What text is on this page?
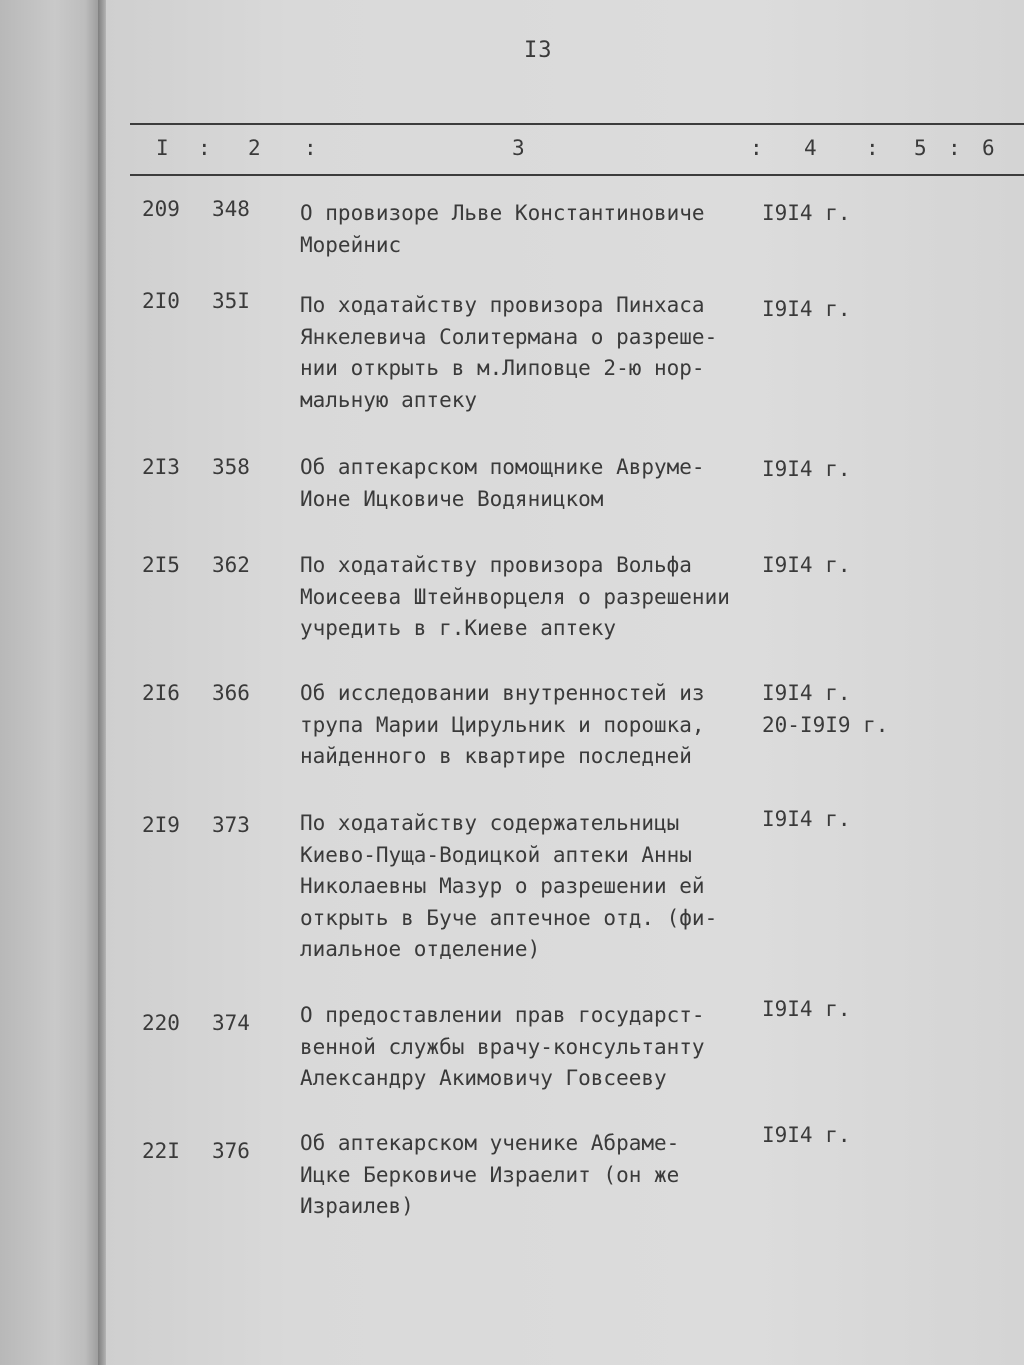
I3
I : 2 :	3	: 4 : 5 : 6
209 348 О провизоре Льве Константиновиче
Морейнис
I9I4 г.
2I0 35I По ходатайству провизора Пинхаса
Янкелевича Солитермана о разреше-
нии открыть в м.Липовце 2-ю нор-
мальную аптеку
I9I4 г.
2I3 358 Об аптекарском помощнике Авруме-
Ионе Ицковиче Водяницком
I9I4 г.
2I5 362 По ходатайству провизора Вольфа
Моисеева Штейнворцеля о разрешении
учредить в г.Киеве аптеку
I9I4 г.
2I6 366 Об исследовании внутренностей из
трупа Марии Цирульник и порошка,
найденного в квартире последней
I9I4 г.
20-I9I9 г.
2I9 373 По ходатайству содержательницы
Киево-Пуща-Водицкой аптеки Анны
Николаевны Мазур о разрешении ей
открыть в Буче аптечное отд. (фи-
лиальное отделение)
I9I4 г.
220 374 О предоставлении прав государст-
венной службы врачу-консультанту
Александру Акимовичу Говсееву
I9I4 г.
22I 376 Об аптекарском ученике Абраме-
Ицке Берковиче Израелит (он же
Израилев)
I9I4 г.
